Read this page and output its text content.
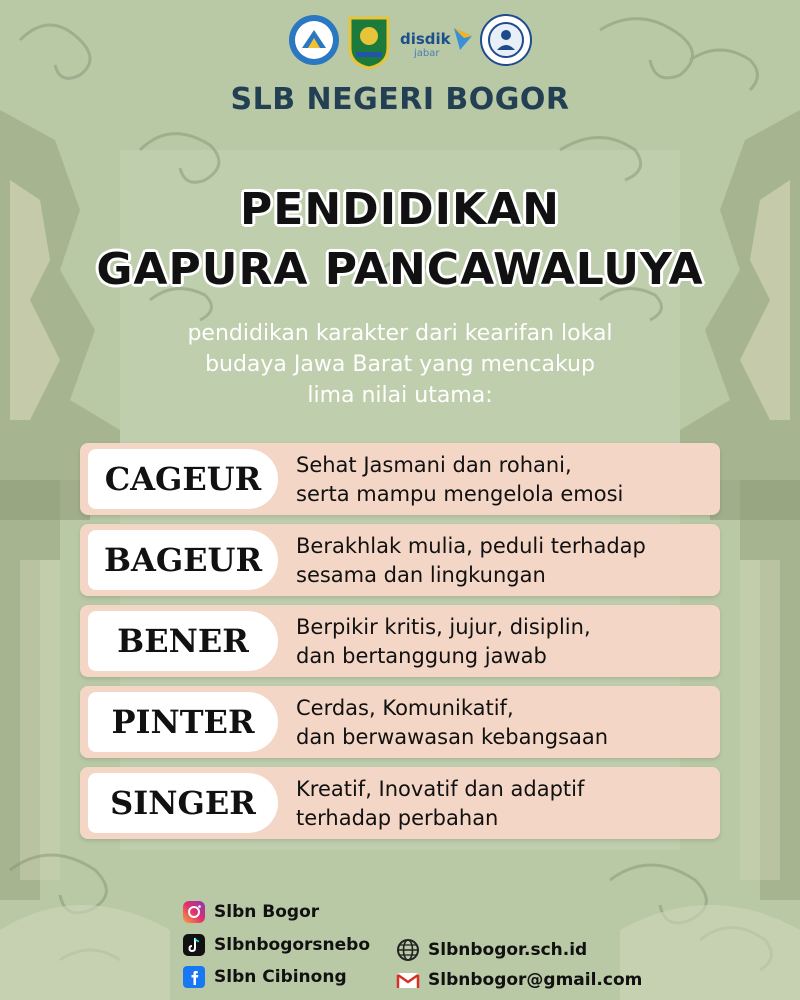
disdik
jabar
SLB NEGERI BOGOR
PENDIDIKAN
GAPURA PANCAWALUYA
pendidikan karakter dari kearifan lokal
budaya Jawa Barat yang mencakup
lima nilai utama:
CAGEUR Sehat Jasmani dan rohani,
serta mampu mengelola emosi
BAGEUR Berakhlak mulia, peduli terhadap
sesama dan lingkungan
BENER Berpikir kritis, jujur, disiplin,
dan bertanggung jawab
PINTER Cerdas, Komunikatif,
dan berwawasan kebangsaan
SINGER Kreatif, Inovatif dan adaptif
terhadap perbahan
Slbn Bogor
Slbnbogorsnebo
Slbn Cibinong
Slbnbogor.sch.id
Slbnbogor@gmail.com
